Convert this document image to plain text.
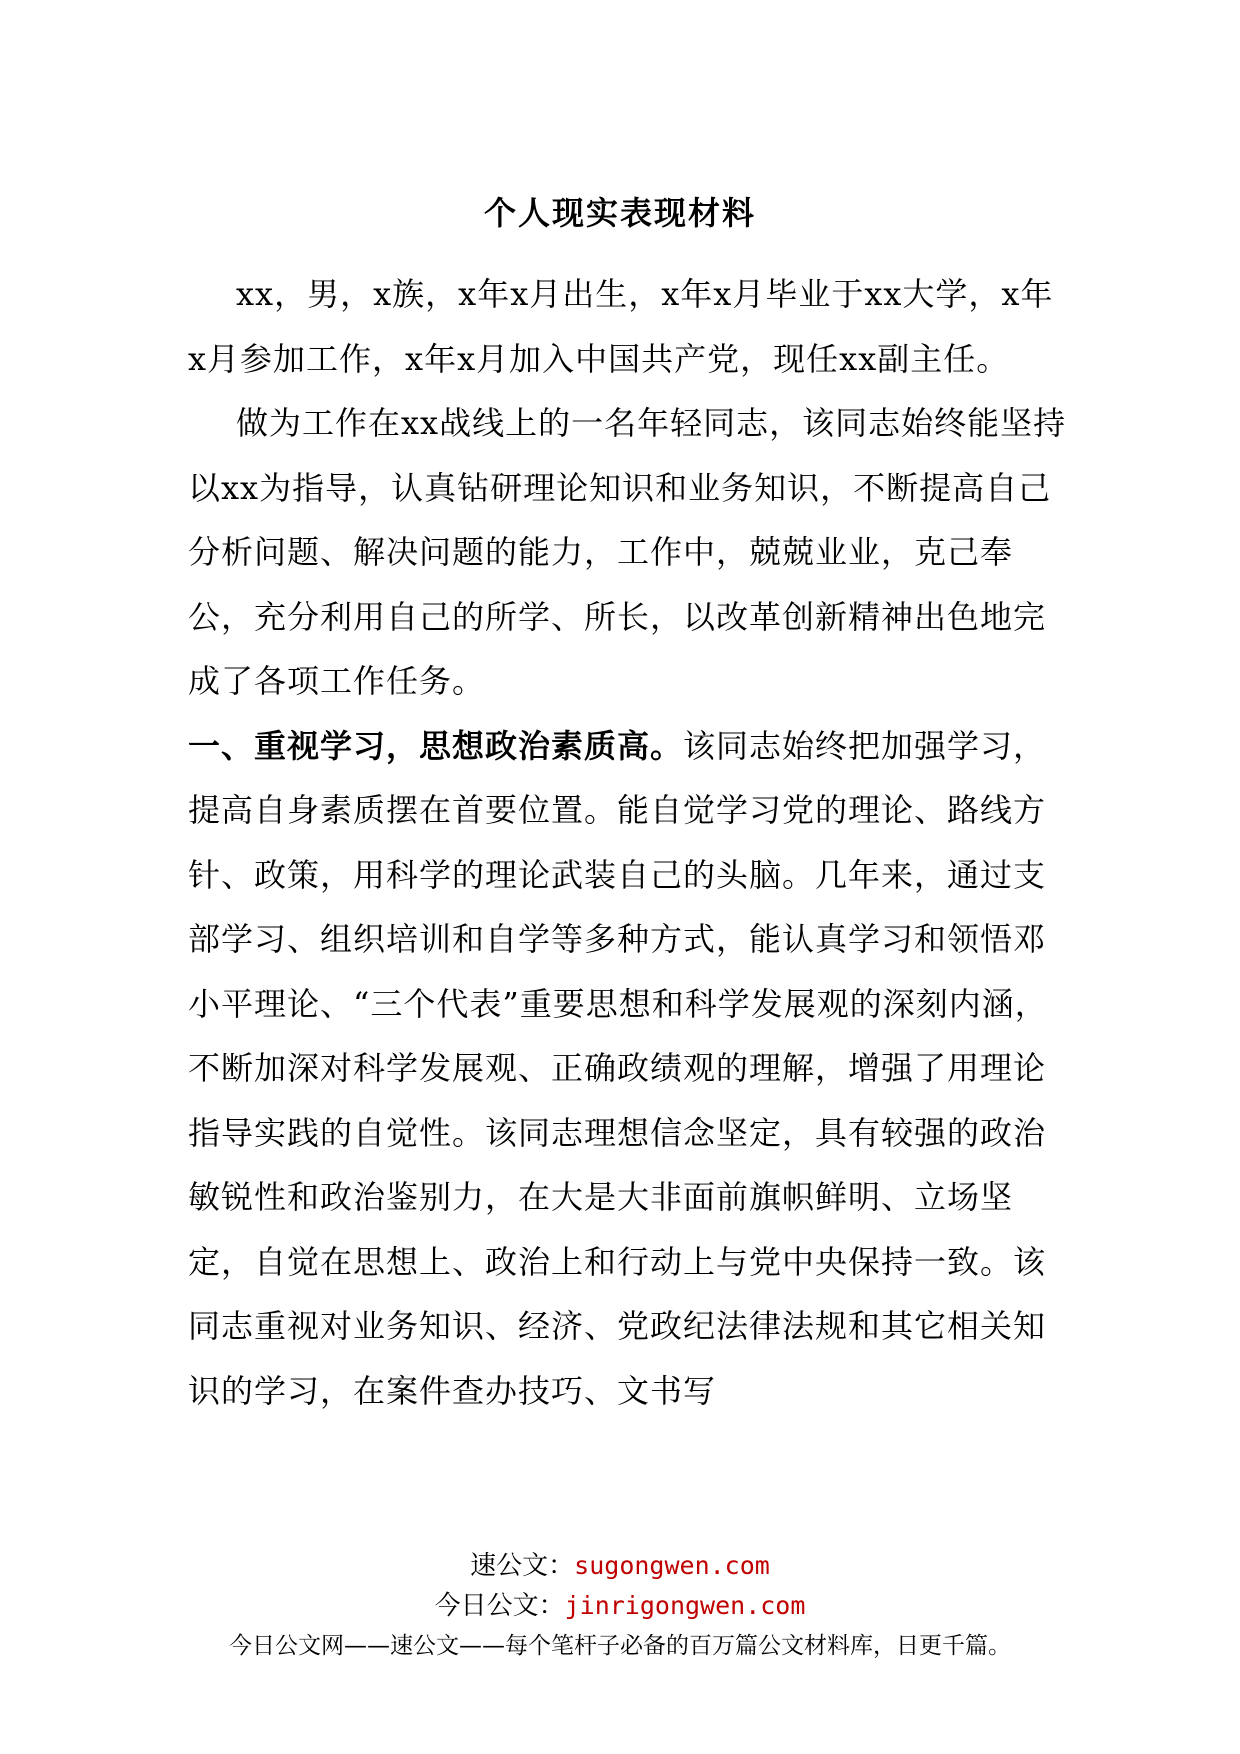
个人现实表现材料

xx，男，x族，x年x月出生，x年x月毕业于xx大学，x年x月参加工作，x年x月加入中国共产党，现任xx副主任。

做为工作在xx战线上的一名年轻同志，该同志始终能坚持以xx为指导，认真钻研理论知识和业务知识，不断提高自己分析问题、解决问题的能力，工作中，兢兢业业，克己奉公，充分利用自己的所学、所长，以改革创新精神出色地完成了各项工作任务。

一、重视学习，思想政治素质高。该同志始终把加强学习，提高自身素质摆在首要位置。能自觉学习党的理论、路线方针、政策，用科学的理论武装自己的头脑。几年来，通过支部学习、组织培训和自学等多种方式，能认真学习和领悟邓小平理论、“三个代表”重要思想和科学发展观的深刻内涵，不断加深对科学发展观、正确政绩观的理解，增强了用理论指导实践的自觉性。该同志理想信念坚定，具有较强的政治敏锐性和政治鉴别力，在大是大非面前旗帜鲜明、立场坚定，自觉在思想上、政治上和行动上与党中央保持一致。该同志重视对业务知识、经济、党政纪法律法规和其它相关知识的学习，在案件查办技巧、文书写

速公文：sugongwen.com
今日公文：jinrigongwen.com
今日公文网——速公文——每个笔杆子必备的百万篇公文材料库，日更千篇。
